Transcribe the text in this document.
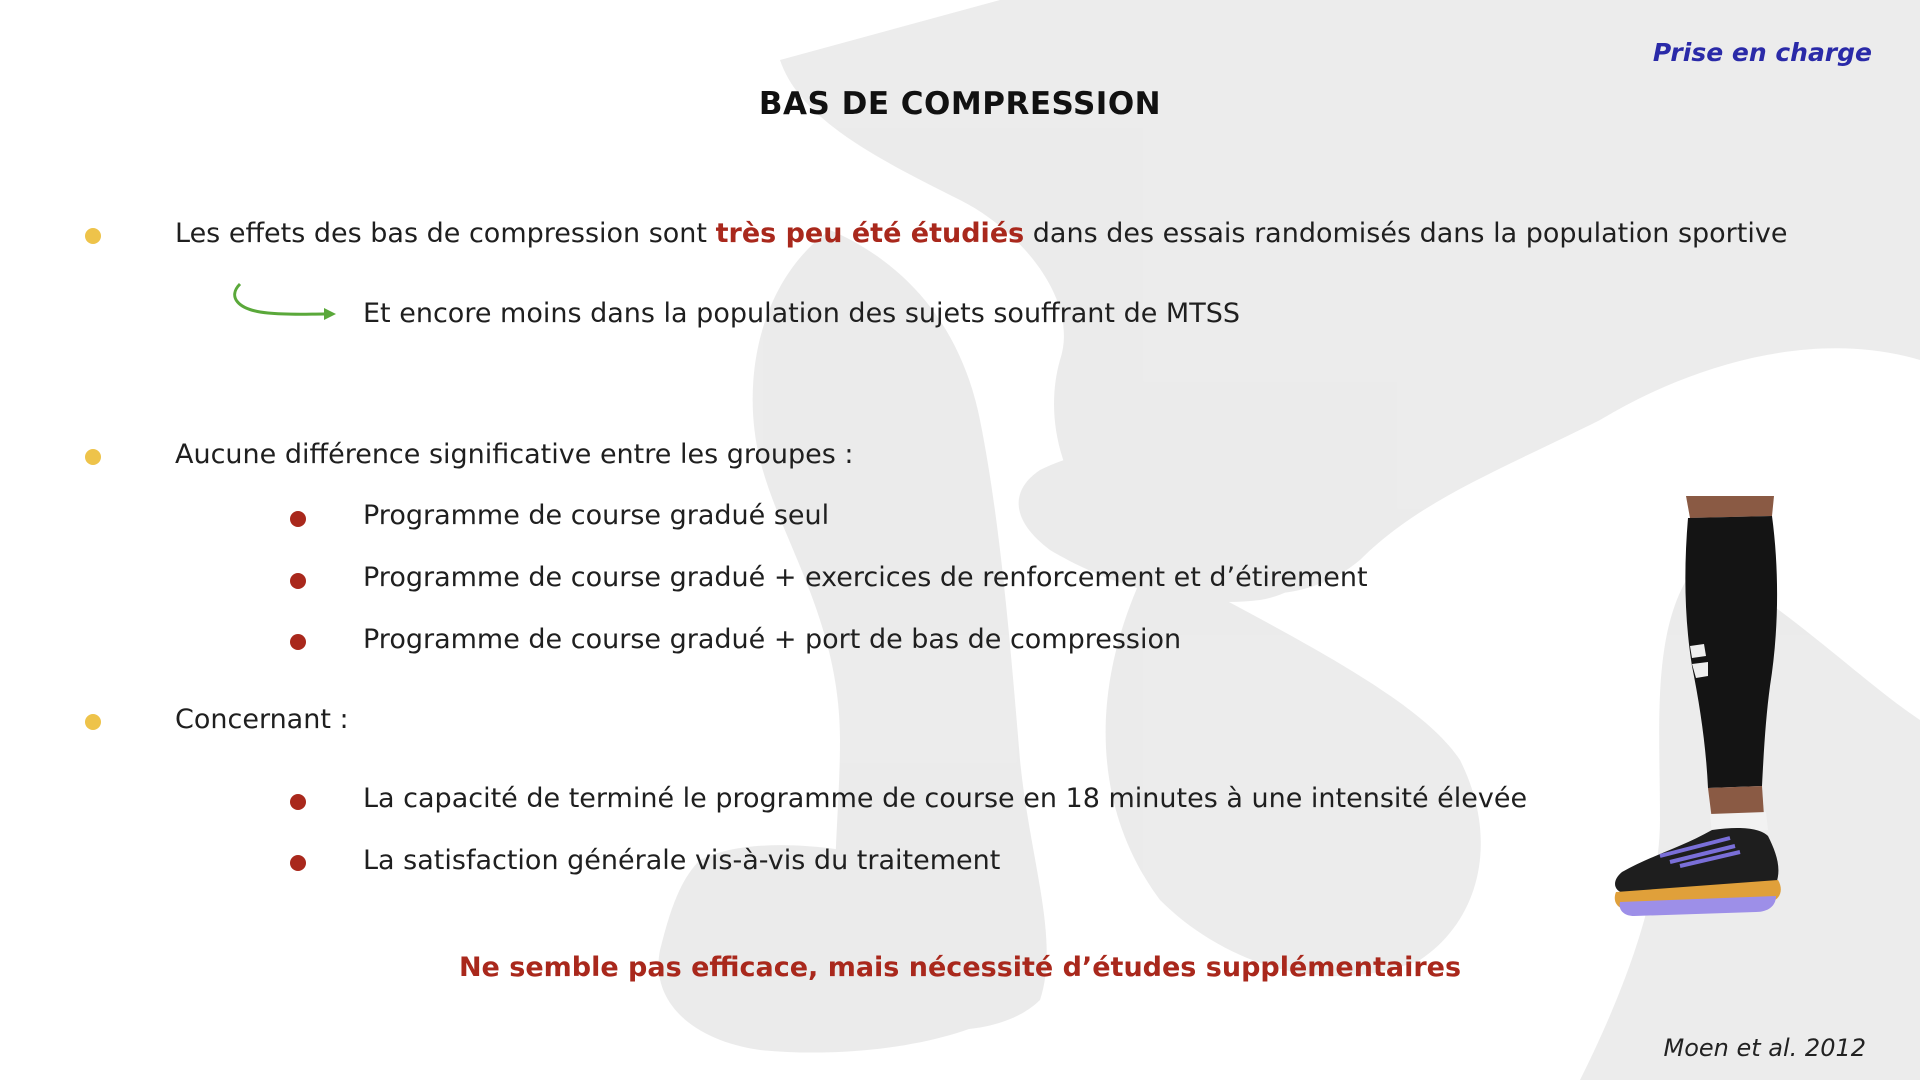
Prise en charge
BAS DE COMPRESSION
Les effets des bas de compression sont très peu été étudiés dans des essais randomisés dans la population sportive
Et encore moins dans la population des sujets souffrant de MTSS
Aucune différence significative entre les groupes :
Programme de course gradué seul
Programme de course gradué + exercices de renforcement et d’étirement
Programme de course gradué + port de bas de compression
Concernant :
La capacité de terminé le programme de course en 18 minutes à une intensité élevée
La satisfaction générale vis-à-vis du traitement
Ne semble pas efficace, mais nécessité d’études supplémentaires
Moen et al. 2012
